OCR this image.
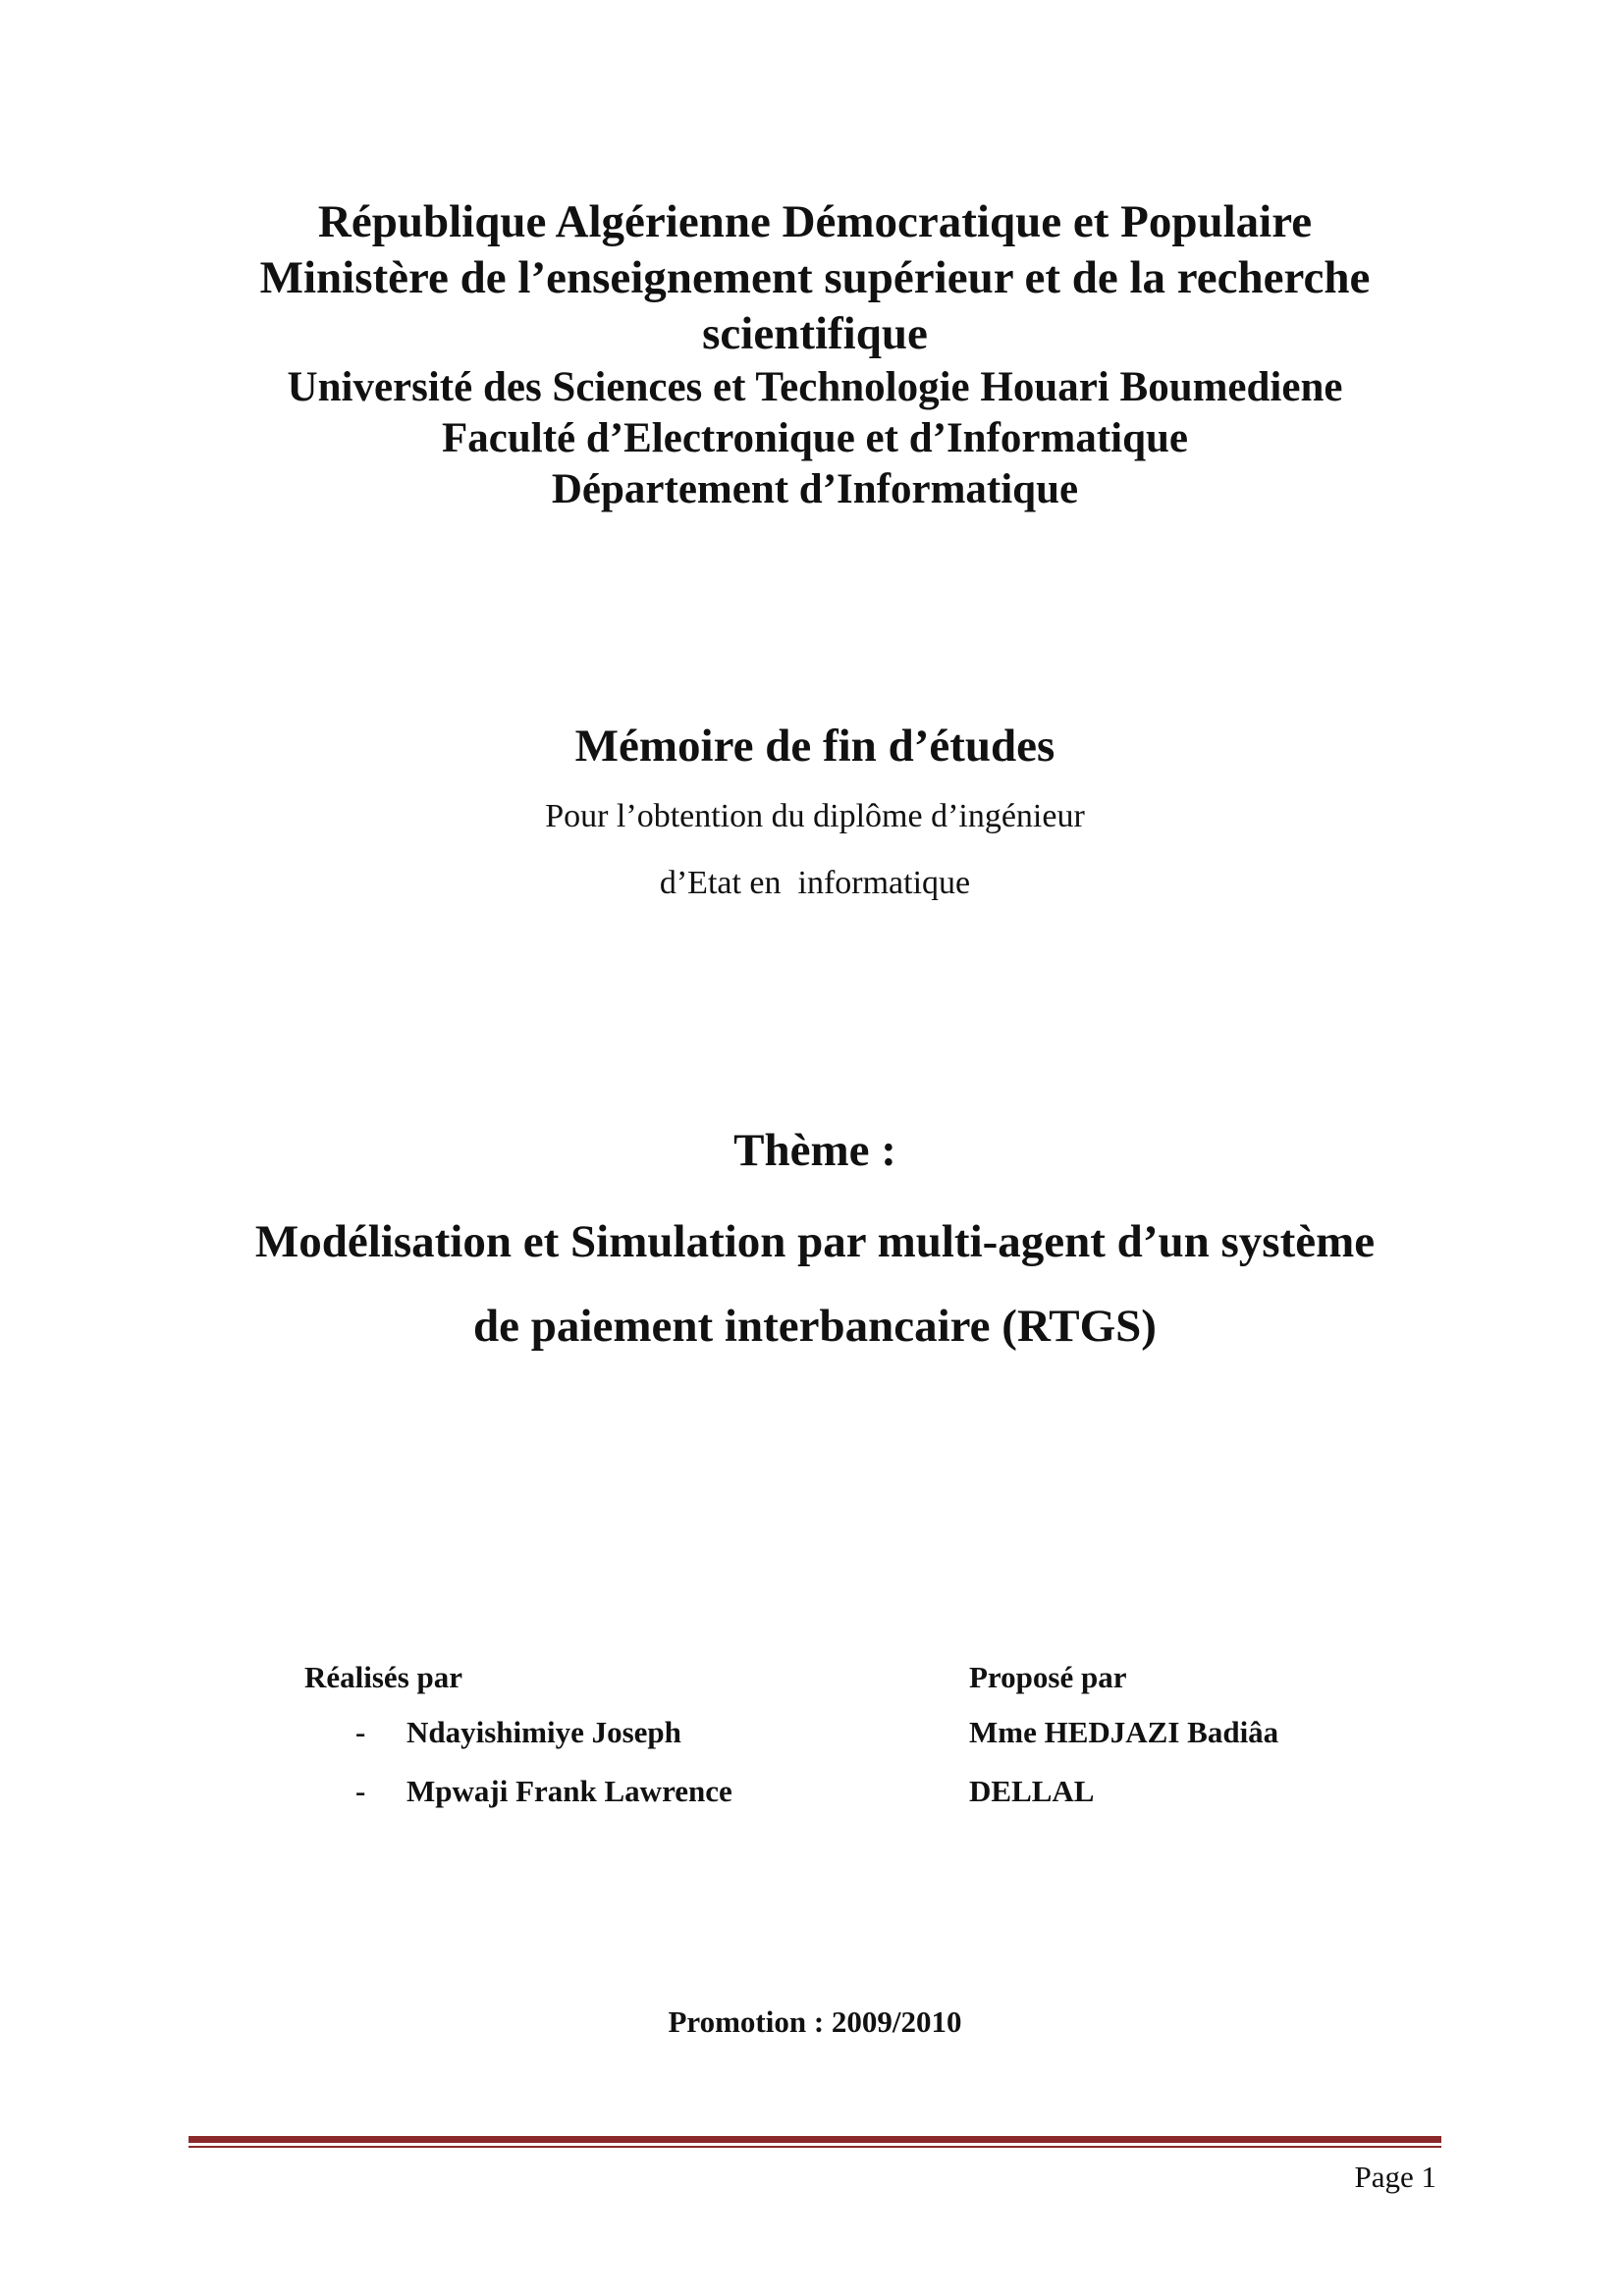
République Algérienne Démocratique et Populaire
Ministère de l’enseignement supérieur et de la recherche
scientifique
Université des Sciences et Technologie Houari Boumediene
Faculté d’Electronique et d’Informatique
Département d’Informatique
Mémoire de fin d’études
Pour l’obtention du diplôme d’ingénieur
d’Etat en  informatique
Thème :
Modélisation et Simulation par multi-agent d’un système
de paiement interbancaire (RTGS)
Réalisés par
- Ndayishimiye Joseph
- Mpwaji Frank Lawrence
Proposé par
Mme HEDJAZI Badiâa
DELLAL
Promotion : 2009/2010
Page 1
